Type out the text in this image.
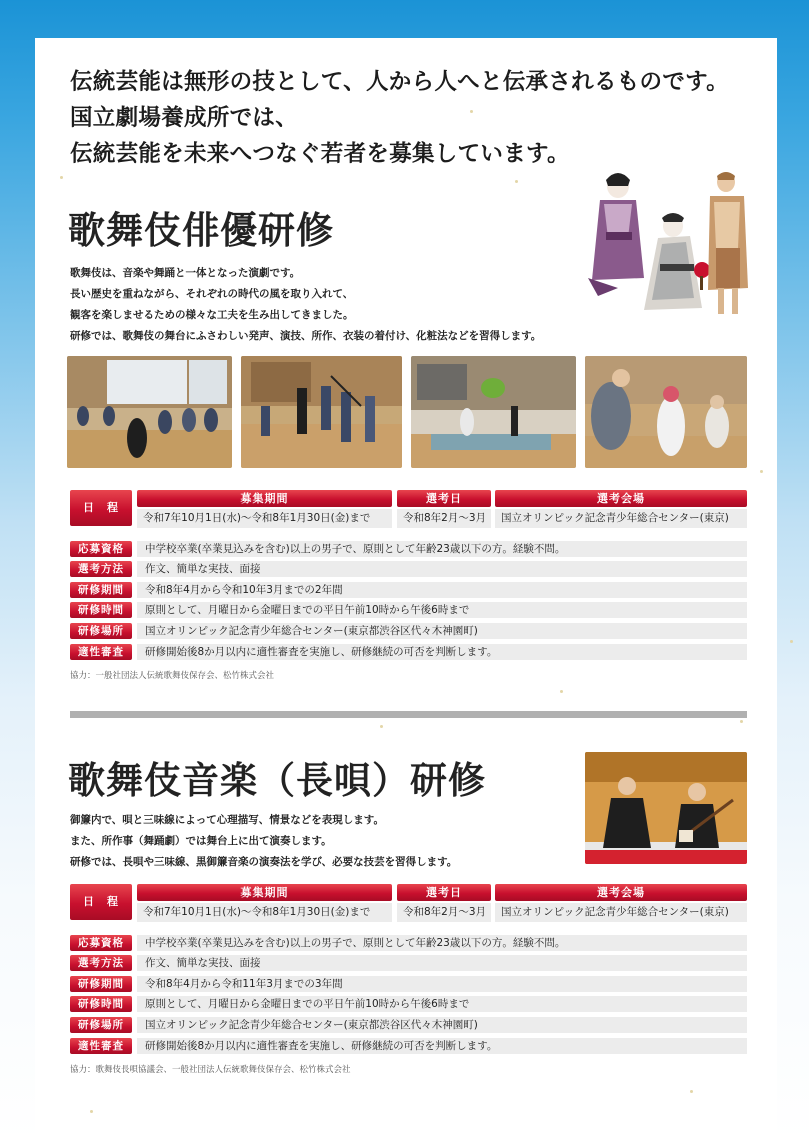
伝統芸能は無形の技として、人から人へと伝承されるものです。
国立劇場養成所では、
伝統芸能を未来へつなぐ若者を募集しています。
歌舞伎俳優研修
歌舞伎は、音楽や舞踊と一体となった演劇です。
長い歴史を重ねながら、それぞれの時代の風を取り入れて、
観客を楽しませるための様々な工夫を生み出してきました。
研修では、歌舞伎の舞台にふさわしい発声、演技、所作、衣装の着付け、化粧法などを習得します。
日　程
募集期間	選考日	選考会場
令和7年10月1日(水)～令和8年1月30日(金)まで	令和8年2月～3月	国立オリンピック記念青少年総合センター(東京)
応募資格	中学校卒業(卒業見込みを含む)以上の男子で、原則として年齢23歳以下の方。経験不問。
選考方法	作文、簡単な実技、面接
研修期間	令和8年4月から令和10年3月までの2年間
研修時間	原則として、月曜日から金曜日までの平日午前10時から午後6時まで
研修場所	国立オリンピック記念青少年総合センター(東京都渋谷区代々木神園町)
適性審査	研修開始後8か月以内に適性審査を実施し、研修継続の可否を判断します。
協力：一般社団法人伝統歌舞伎保存会、松竹株式会社
歌舞伎音楽（長唄）研修
御簾内で、唄と三味線によって心理描写、情景などを表現します。
また、所作事（舞踊劇）では舞台上に出て演奏します。
研修では、長唄や三味線、黒御簾音楽の演奏法を学び、必要な技芸を習得します。
日　程
募集期間	選考日	選考会場
令和7年10月1日(水)～令和8年1月30日(金)まで	令和8年2月～3月	国立オリンピック記念青少年総合センター(東京)
応募資格	中学校卒業(卒業見込みを含む)以上の男子で、原則として年齢23歳以下の方。経験不問。
選考方法	作文、簡単な実技、面接
研修期間	令和8年4月から令和11年3月までの3年間
研修時間	原則として、月曜日から金曜日までの平日午前10時から午後6時まで
研修場所	国立オリンピック記念青少年総合センター(東京都渋谷区代々木神園町)
適性審査	研修開始後8か月以内に適性審査を実施し、研修継続の可否を判断します。
協力：歌舞伎長唄協議会、一般社団法人伝統歌舞伎保存会、松竹株式会社
